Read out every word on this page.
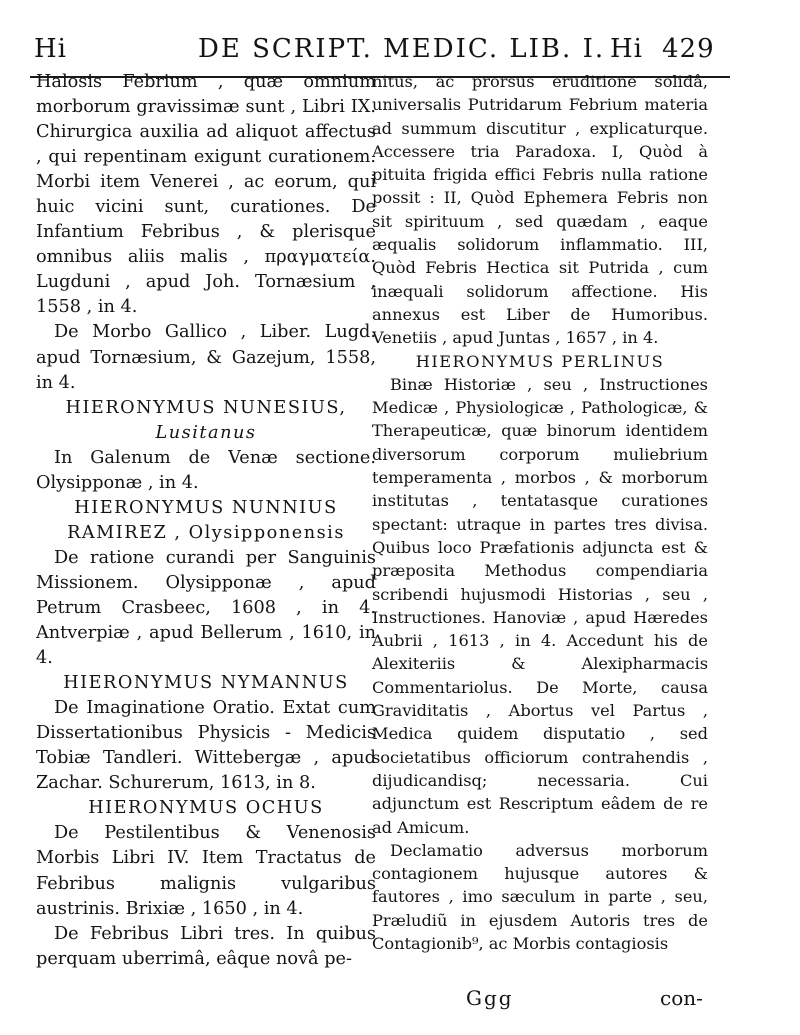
Hi	DE SCRIPT. MEDIC. LIB. I. Hi 429
Halosis Febrium , quæ omnium morborum gravissimæ sunt , Libri IX. Chirurgica auxilia ad aliquot affectus , qui repentinam exigunt curationem. Morbi item Venerei , ac eorum, qui huic vicini sunt, curationes. De Infantium Febribus , & plerisque omnibus aliis malis , πραγματεία. Lugduni , apud Joh. Tornæsium , 1558 , in 4.
De Morbo Gallico , Liber. Lugd. apud Tornæsium, & Gazejum, 1558, in 4.
HIERONYMUS NUNESIUS,
Lusitanus
In Galenum de Venæ sectione. Olysipponæ , in 4.
HIERONYMUS NUNNIUS RAMIREZ , Olysipponensis
De ratione curandi per Sanguinis Missionem. Olysipponæ , apud Petrum Crasbeec, 1608 , in 4. Antverpiæ , apud Bellerum , 1610, in 4.
HIERONYMUS NYMANNUS
De Imaginatione Oratio. Extat cum Dissertationibus Physicis - Medicis Tobiæ Tandleri. Wittebergæ , apud Zachar. Schurerum, 1613, in 8.
HIERONYMUS OCHUS
De Pestilentibus & Venenosis Morbis Libri IV. Item Tractatus de Febribus malignis vulgaribus austrinis. Brixiæ , 1650 , in 4.
De Febribus Libri tres. In quibus perquam uberrimâ, eâque novâ pe-
nitus, ac prorsus eruditione solidâ, universalis Putridarum Febrium materia ad summum discutitur , explicaturque. Accessere tria Paradoxa. I, Quòd à pituita frigida effici Febris nulla ratione possit : II, Quòd Ephemera Febris non sit spirituum , sed quædam , eaque æqualis solidorum inflammatio. III, Quòd Febris Hectica sit Putrida , cum inæquali solidorum affectione. His annexus est Liber de Humoribus. Venetiis , apud Juntas , 1657 , in 4.
HIERONYMUS PERLINUS
Binæ Historiæ , seu , Instructiones Medicæ , Physiologicæ , Pathologicæ, & Therapeuticæ, quæ binorum identidem diversorum corporum muliebrium temperamenta , morbos , & morborum institutas , tentatasque curationes spectant: utraque in partes tres divisa. Quibus loco Præfationis adjuncta est & præposita Methodus compendiaria scribendi hujusmodi Historias , seu , Instructiones. Hanoviæ , apud Hæredes Aubrii , 1613 , in 4. Accedunt his de Alexiteriis & Alexipharmacis Commentariolus. De Morte, causa Graviditatis , Abortus vel Partus , Medica quidem disputatio , sed societatibus officiorum contrahendis , dijudicandisq; necessaria. Cui adjunctum est Rescriptum eâdem de re ad Amicum.
Declamatio adversus morborum contagionem hujusque autores & fautores , imo sæculum in parte , seu, Præludiũ in ejusdem Autoris tres de Contagionib⁹, ac Morbis contagiosis
Ggg	con-
